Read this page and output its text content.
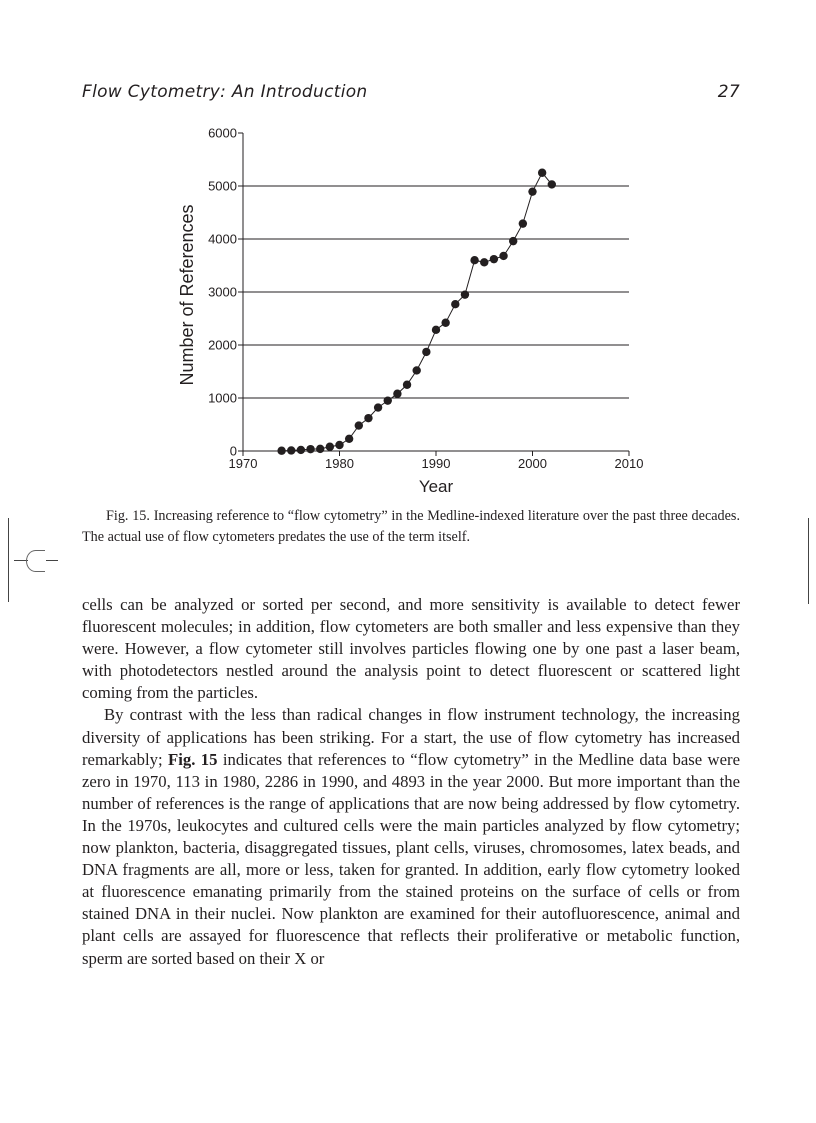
Flow Cytometry: An Introduction	27
0
1000
2000
3000
4000
5000
6000
1970	1980	1990	2000	2010
Number of References
Year
Fig. 15. Increasing reference to “flow cytometry” in the Medline-indexed literature over the past three decades. The actual use of flow cytometers predates the use of the term itself.

cells can be analyzed or sorted per second, and more sensitivity is available to detect fewer fluorescent molecules; in addition, flow cytometers are both smaller and less expensive than they were. However, a flow cytometer still involves particles flowing one by one past a laser beam, with photodetectors nestled around the analysis point to detect fluorescent or scattered light coming from the particles.

By contrast with the less than radical changes in flow instrument technology, the increasing diversity of applications has been striking. For a start, the use of flow cytometry has increased remarkably; Fig. 15 indicates that references to “flow cytometry” in the Medline data base were zero in 1970, 113 in 1980, 2286 in 1990, and 4893 in the year 2000. But more important than the number of references is the range of applications that are now being addressed by flow cytometry. In the 1970s, leukocytes and cultured cells were the main particles analyzed by flow cytometry; now plankton, bacteria, disaggregated tissues, plant cells, viruses, chromosomes, latex beads, and DNA fragments are all, more or less, taken for granted. In addition, early flow cytometry looked at fluorescence emanating primarily from the stained proteins on the surface of cells or from stained DNA in their nuclei. Now plankton are examined for their autofluorescence, animal and plant cells are assayed for fluorescence that reflects their proliferative or metabolic function, sperm are sorted based on their X or
